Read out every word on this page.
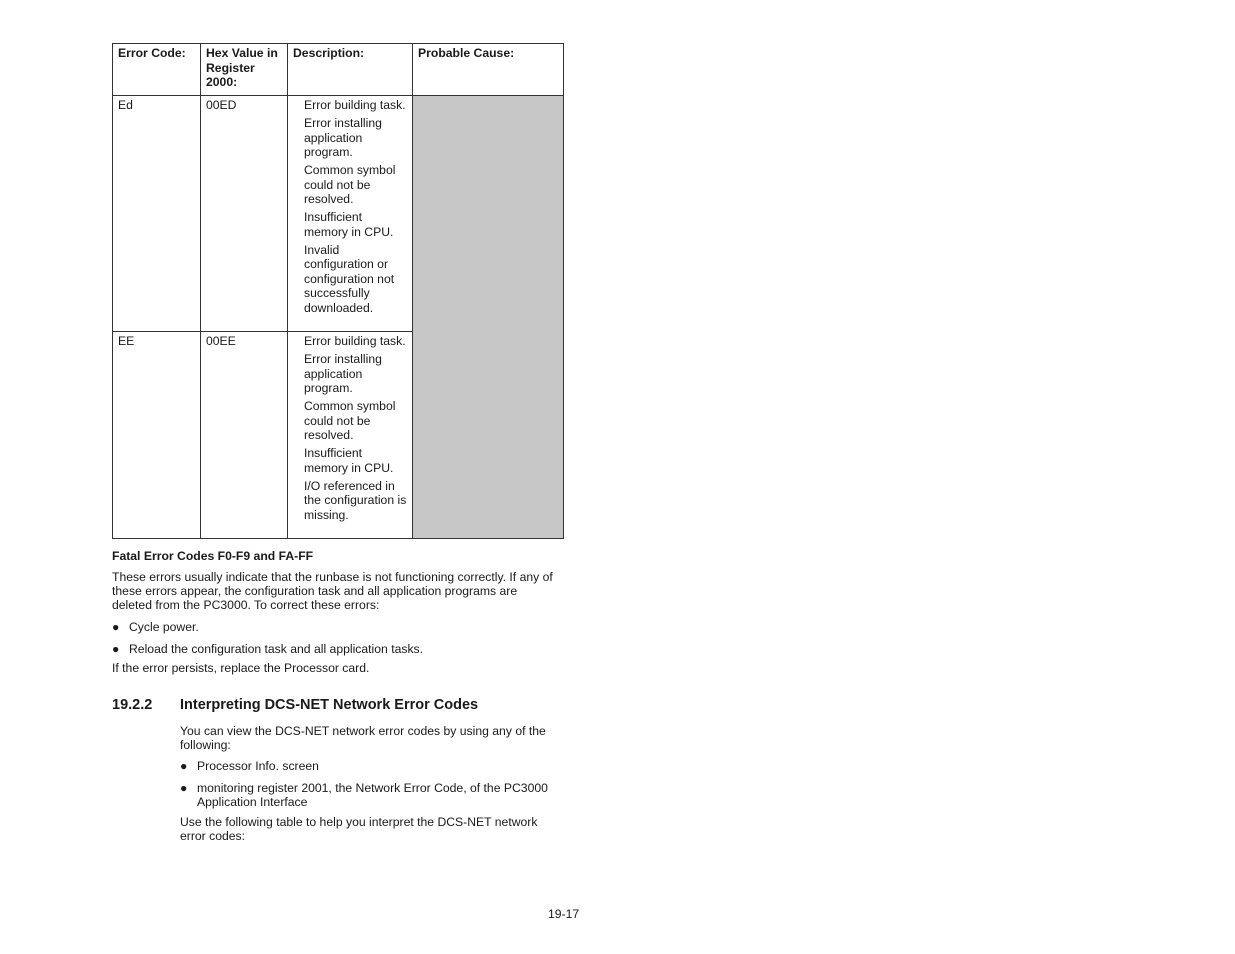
Error Code:	Hex Value in Register 2000:	Description:	Probable Cause:
Ed	00ED	Error building task.
Error installing application program.
Common symbol could not be resolved.
Insufficient memory in CPU.
Invalid configuration or configuration not successfully downloaded.	

EE	00EE	Error building task.
Error installing application program.
Common symbol could not be resolved.
Insufficient memory in CPU.
I/O referenced in the configuration is missing.	

Fatal Error Codes F0-F9 and FA-FF

These errors usually indicate that the runbase is not functioning correctly. If any of these errors appear, the configuration task and all application programs are deleted from the PC3000. To correct these errors:

● Cycle power.
● Reload the configuration task and all application tasks.

If the error persists, replace the Processor card.

19.2.2 Interpreting DCS-NET Network Error Codes

You can view the DCS-NET network error codes by using any of the following:

● Processor Info. screen
● monitoring register 2001, the Network Error Code, of the PC3000 Application Interface

Use the following table to help you interpret the DCS-NET network error codes:

19-17
